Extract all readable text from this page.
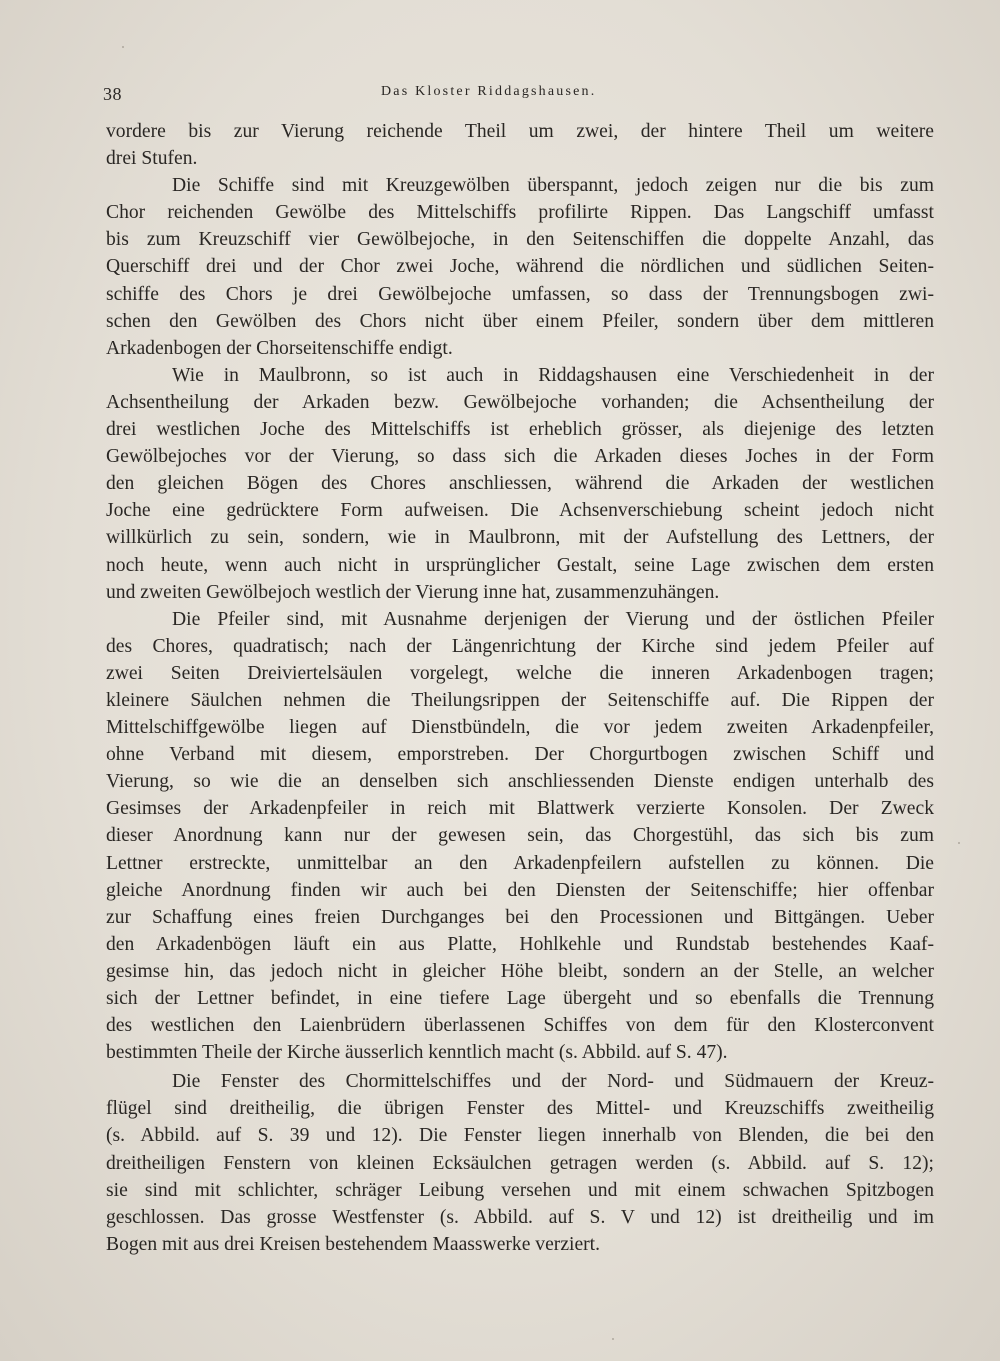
38	Das Kloster Riddagshausen.
vordere bis zur Vierung reichende Theil um zwei, der hintere Theil um weitere
drei Stufen.
Die Schiffe sind mit Kreuzgewölben überspannt, jedoch zeigen nur die bis zum
Chor reichenden Gewölbe des Mittelschiffs profilirte Rippen. Das Langschiff umfasst
bis zum Kreuzschiff vier Gewölbejoche, in den Seitenschiffen die doppelte Anzahl, das
Querschiff drei und der Chor zwei Joche, während die nördlichen und südlichen Seiten-
schiffe des Chors je drei Gewölbejoche umfassen, so dass der Trennungsbogen zwi-
schen den Gewölben des Chors nicht über einem Pfeiler, sondern über dem mittleren
Arkadenbogen der Chorseitenschiffe endigt.
Wie in Maulbronn, so ist auch in Riddagshausen eine Verschiedenheit in der
Achsentheilung der Arkaden bezw. Gewölbejoche vorhanden; die Achsentheilung der
drei westlichen Joche des Mittelschiffs ist erheblich grösser, als diejenige des letzten
Gewölbejoches vor der Vierung, so dass sich die Arkaden dieses Joches in der Form
den gleichen Bögen des Chores anschliessen, während die Arkaden der westlichen
Joche eine gedrücktere Form aufweisen. Die Achsenverschiebung scheint jedoch nicht
willkürlich zu sein, sondern, wie in Maulbronn, mit der Aufstellung des Lettners, der
noch heute, wenn auch nicht in ursprünglicher Gestalt, seine Lage zwischen dem ersten
und zweiten Gewölbejoch westlich der Vierung inne hat, zusammenzuhängen.
Die Pfeiler sind, mit Ausnahme derjenigen der Vierung und der östlichen Pfeiler
des Chores, quadratisch; nach der Längenrichtung der Kirche sind jedem Pfeiler auf
zwei Seiten Dreiviertelsäulen vorgelegt, welche die inneren Arkadenbogen tragen;
kleinere Säulchen nehmen die Theilungsrippen der Seitenschiffe auf. Die Rippen der
Mittelschiffgewölbe liegen auf Dienstbündeln, die vor jedem zweiten Arkadenpfeiler,
ohne Verband mit diesem, emporstreben. Der Chorgurtbogen zwischen Schiff und
Vierung, so wie die an denselben sich anschliessenden Dienste endigen unterhalb des
Gesimses der Arkadenpfeiler in reich mit Blattwerk verzierte Konsolen. Der Zweck
dieser Anordnung kann nur der gewesen sein, das Chorgestühl, das sich bis zum
Lettner erstreckte, unmittelbar an den Arkadenpfeilern aufstellen zu können. Die
gleiche Anordnung finden wir auch bei den Diensten der Seitenschiffe; hier offenbar
zur Schaffung eines freien Durchganges bei den Processionen und Bittgängen. Ueber
den Arkadenbögen läuft ein aus Platte, Hohlkehle und Rundstab bestehendes Kaaf-
gesimse hin, das jedoch nicht in gleicher Höhe bleibt, sondern an der Stelle, an welcher
sich der Lettner befindet, in eine tiefere Lage übergeht und so ebenfalls die Trennung
des westlichen den Laienbrüdern überlassenen Schiffes von dem für den Klosterconvent
bestimmten Theile der Kirche äusserlich kenntlich macht (s. Abbild. auf S. 47).
Die Fenster des Chormittelschiffes und der Nord- und Südmauern der Kreuz-
flügel sind dreitheilig, die übrigen Fenster des Mittel- und Kreuzschiffs zweitheilig
(s. Abbild. auf S. 39 und 12). Die Fenster liegen innerhalb von Blenden, die bei den
dreitheiligen Fenstern von kleinen Ecksäulchen getragen werden (s. Abbild. auf S. 12);
sie sind mit schlichter, schräger Leibung versehen und mit einem schwachen Spitzbogen
geschlossen. Das grosse Westfenster (s. Abbild. auf S. V und 12) ist dreitheilig und im
Bogen mit aus drei Kreisen bestehendem Maasswerke verziert.
